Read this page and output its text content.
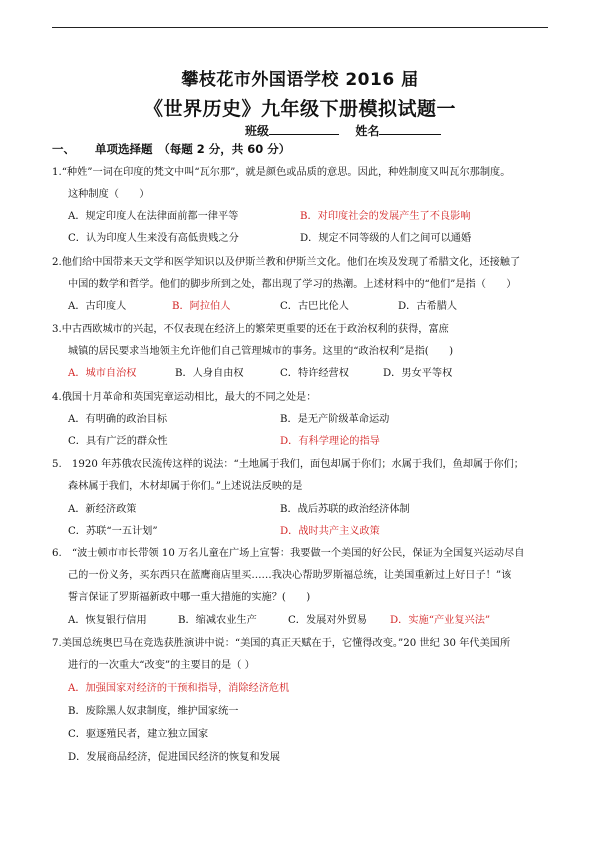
攀枝花市外国语学校 2016 届
《世界历史》九年级下册模拟试题一
班级	姓名
一、 单项选择题　（每题 2 分，共 60 分）
1.“种姓”一词在印度的梵文中叫“瓦尔那”，就是颜色或品质的意思。因此，种姓制度又叫瓦尔那制度。
这种制度（　　）
A．规定印度人在法律面前都一律平等	B．对印度社会的发展产生了不良影响
C．认为印度人生来没有高低贵贱之分	D．规定不同等级的人们之间可以通婚
2.他们给中国带来天文学和医学知识以及伊斯兰教和伊斯兰文化。他们在埃及发现了希腊文化，还接触了
中国的数学和哲学。他们的脚步所到之处，都出现了学习的热潮。上述材料中的“他们”是指（　　）
A．古印度人	B．阿拉伯人	C．古巴比伦人	D．古希腊人
3.中古西欧城市的兴起，不仅表现在经济上的繁荣更重要的还在于政治权利的获得，富庶
城镇的居民要求当地领主允许他们自己管理城市的事务。这里的“政治权利”是指(　　)
A．城市自治权	B．人身自由权	C．特许经营权	D．男女平等权
4.俄国十月革命和英国宪章运动相比，最大的不同之处是：
A．有明确的政治目标	B．是无产阶级革命运动
C．具有广泛的群众性	D．有科学理论的指导
5.　1920 年苏俄农民流传这样的说法：“土地属于我们，面包却属于你们；水属于我们，鱼却属于你们；
森林属于我们，木材却属于你们。”上述说法反映的是
A．新经济政策	B．战后苏联的政治经济体制
C．苏联“一五计划”	D．战时共产主义政策
6.　“波士顿市市长带领 10 万名儿童在广场上宣誓：我要做一个美国的好公民，保证为全国复兴运动尽自
己的一份义务，买东西只在蓝鹰商店里买……我决心帮助罗斯福总统，让美国重新过上好日子！”该
誓言保证了罗斯福新政中哪一重大措施的实施？(　　)
A．恢复银行信用	B．缩减农业生产	C．发展对外贸易 D．实施“产业复兴法”
7.美国总统奥巴马在竞选获胜演讲中说：“美国的真正天赋在于，它懂得改变。”20 世纪 30 年代美国所
进行的一次重大“改变”的主要目的是（ ）
A．加强国家对经济的干预和指导，消除经济危机
B．废除黑人奴隶制度，维护国家统一
C．驱逐殖民者，建立独立国家
D．发展商品经济，促进国民经济的恢复和发展
